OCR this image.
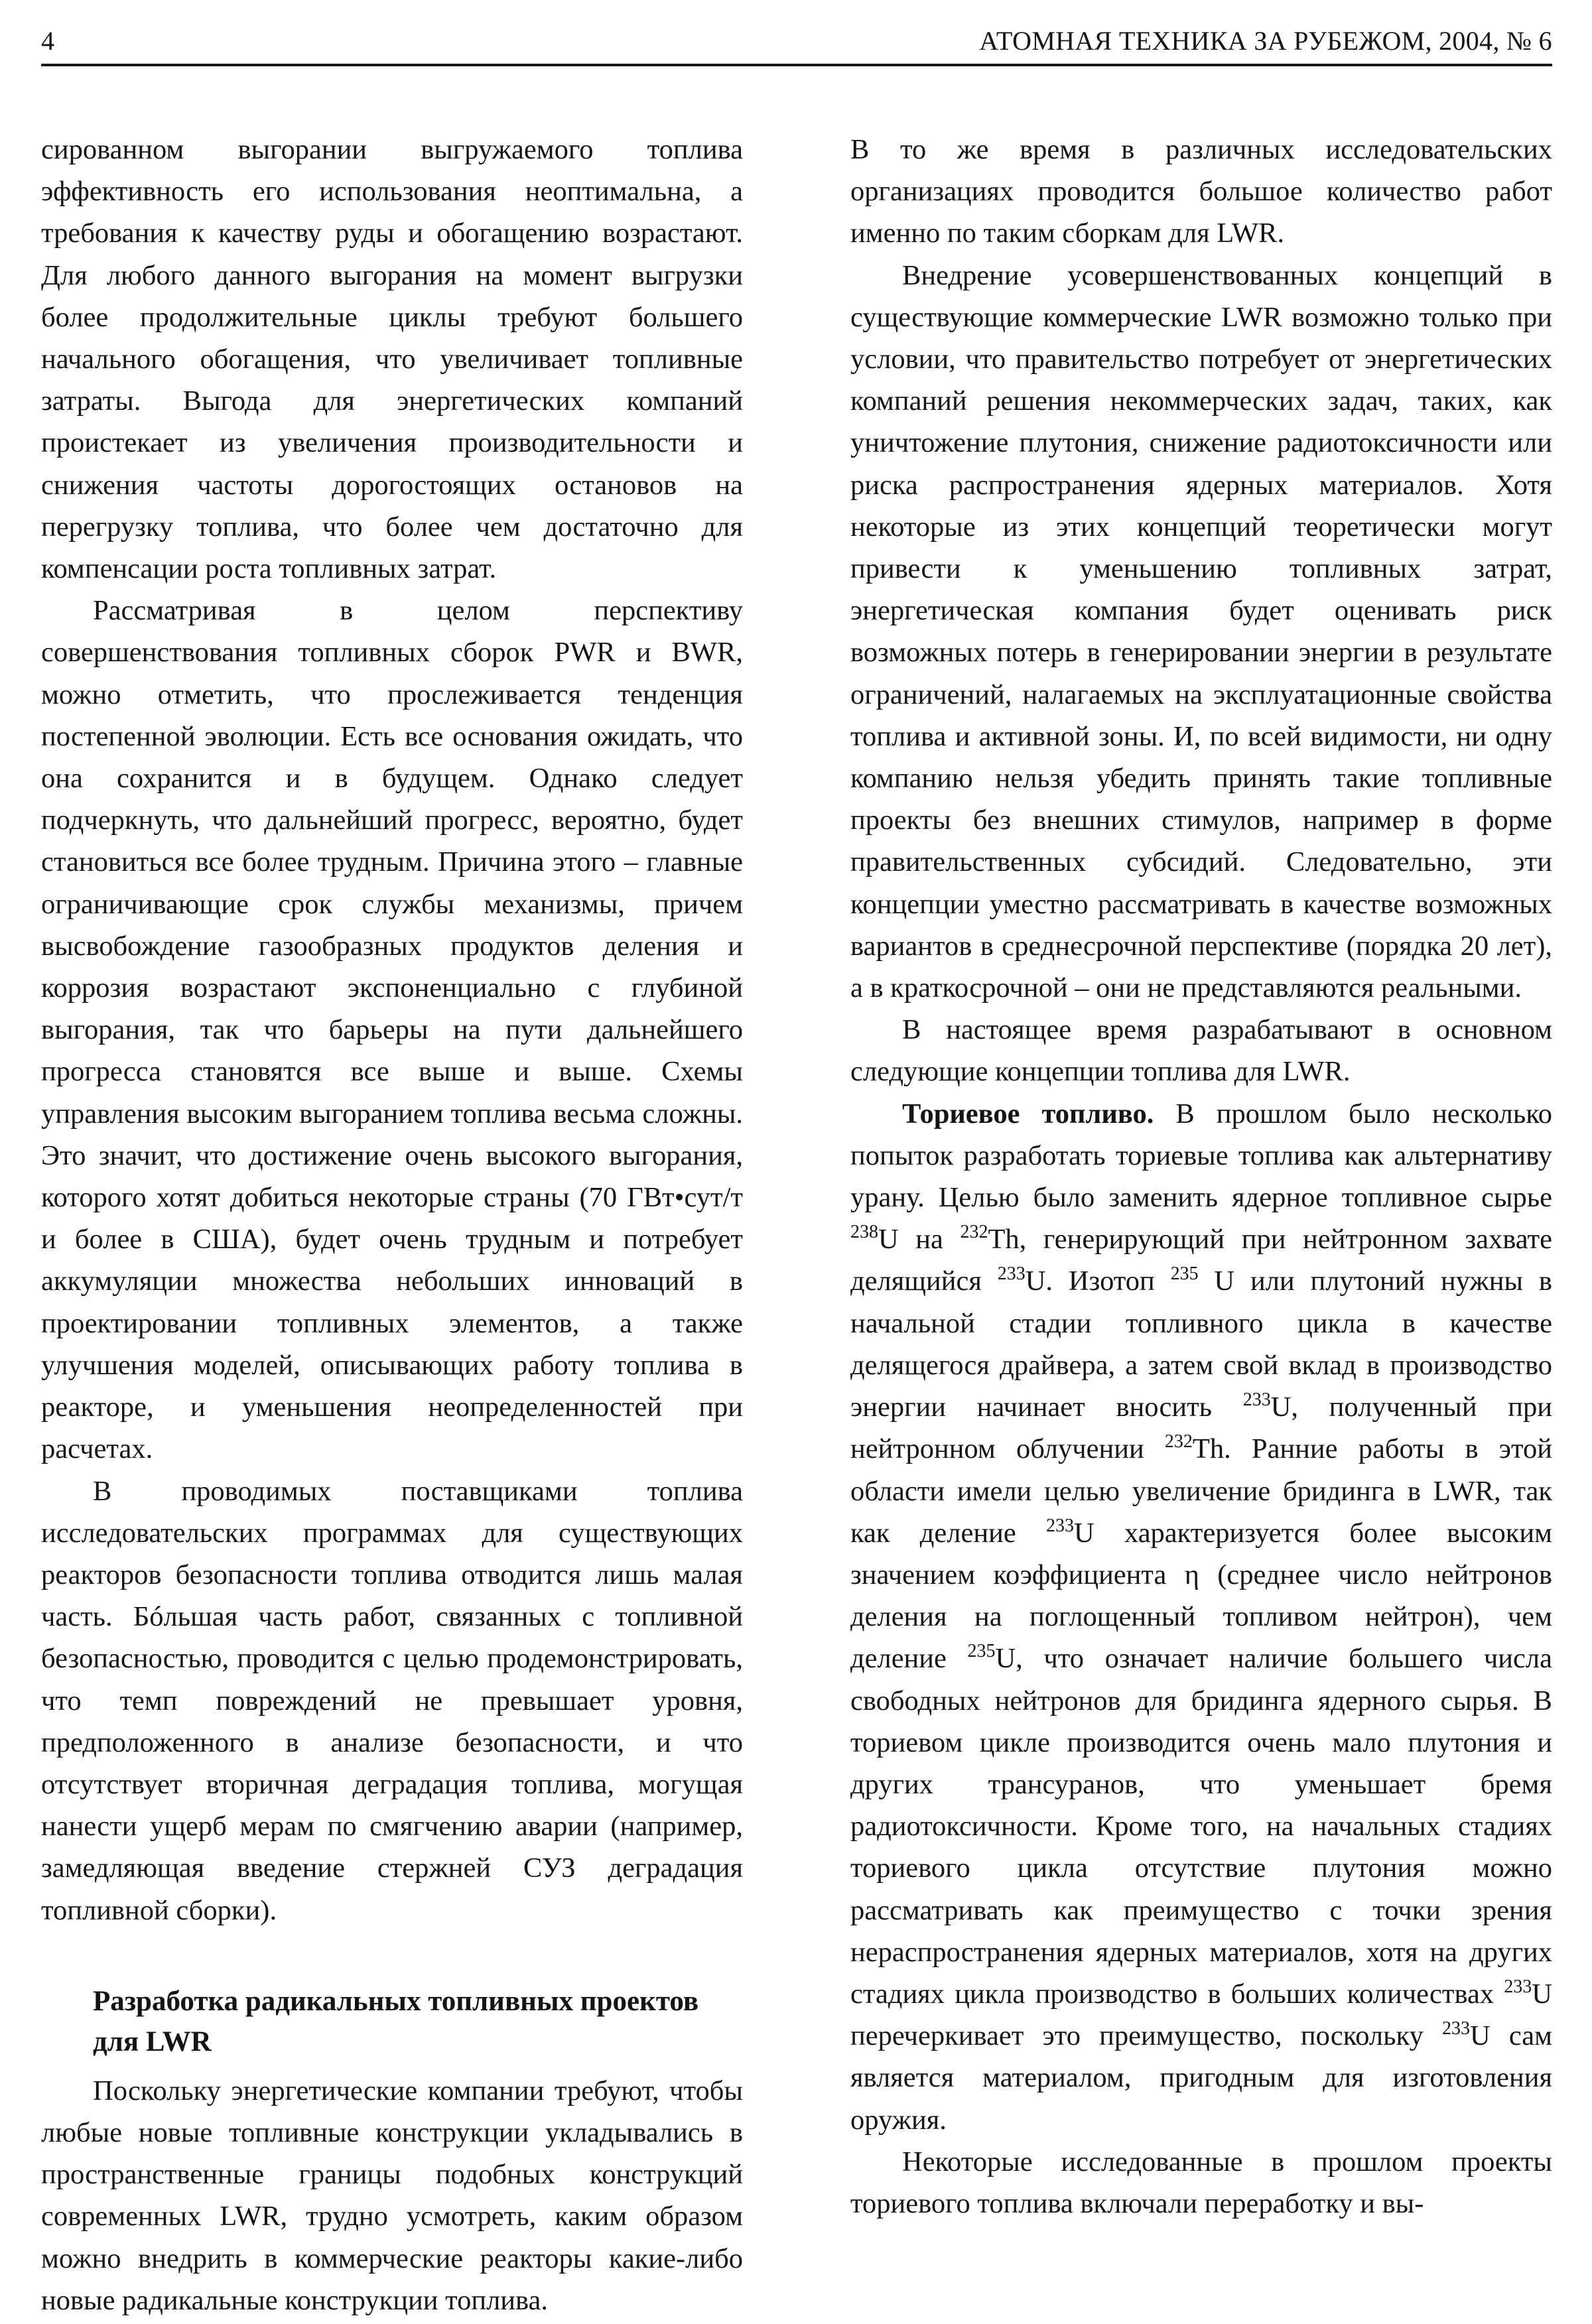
4	АТОМНАЯ ТЕХНИКА ЗА РУБЕЖОМ, 2004, № 6

сированном выгорании выгружаемого топлива эффективность его использования неоптимальна, а требования к качеству руды и обогащению возрастают. Для любого данного выгорания на момент выгрузки более продолжительные циклы требуют большего начального обогащения, что увеличивает топливные затраты. Выгода для энергетических компаний проистекает из увеличения производительности и снижения частоты дорогостоящих остановов на перегрузку топлива, что более чем достаточно для компенсации роста топливных затрат.

Рассматривая в целом перспективу совершенствования топливных сборок PWR и BWR, можно отметить, что прослеживается тенденция постепенной эволюции. Есть все основания ожидать, что она сохранится и в будущем. Однако следует подчеркнуть, что дальнейший прогресс, вероятно, будет становиться все более трудным. Причина этого – главные ограничивающие срок службы механизмы, причем высвобождение газообразных продуктов деления и коррозия возрастают экспоненциально с глубиной выгорания, так что барьеры на пути дальнейшего прогресса становятся все выше и выше. Схемы управления высоким выгоранием топлива весьма сложны. Это значит, что достижение очень высокого выгорания, которого хотят добиться некоторые страны (70 ГВт•сут/т и более в США), будет очень трудным и потребует аккумуляции множества небольших инноваций в проектировании топливных элементов, а также улучшения моделей, описывающих работу топлива в реакторе, и уменьшения неопределенностей при расчетах.

В проводимых поставщиками топлива исследовательских программах для существующих реакторов безопасности топлива отводится лишь малая часть. Бóльшая часть работ, связанных с топливной безопасностью, проводится с целью продемонстрировать, что темп повреждений не превышает уровня, предположенного в анализе безопасности, и что отсутствует вторичная деградация топлива, могущая нанести ущерб мерам по смягчению аварии (например, замедляющая введение стержней СУЗ деградация топливной сборки).

Разработка радикальных топливных проектов для LWR

Поскольку энергетические компании требуют, чтобы любые новые топливные конструкции укладывались в пространственные границы подобных конструкций современных LWR, трудно усмотреть, каким образом можно внедрить в коммерческие реакторы какие-либо новые радикальные конструкции топлива.

В то же время в различных исследовательских организациях проводится большое количество работ именно по таким сборкам для LWR.

Внедрение усовершенствованных концепций в существующие коммерческие LWR возможно только при условии, что правительство потребует от энергетических компаний решения некоммерческих задач, таких, как уничтожение плутония, снижение радиотоксичности или риска распространения ядерных материалов. Хотя некоторые из этих концепций теоретически могут привести к уменьшению топливных затрат, энергетическая компания будет оценивать риск возможных потерь в генерировании энергии в результате ограничений, налагаемых на эксплуатационные свойства топлива и активной зоны. И, по всей видимости, ни одну компанию нельзя убедить принять такие топливные проекты без внешних стимулов, например в форме правительственных субсидий. Следовательно, эти концепции уместно рассматривать в качестве возможных вариантов в среднесрочной перспективе (порядка 20 лет), а в краткосрочной – они не представляются реальными.

В настоящее время разрабатывают в основном следующие концепции топлива для LWR.

Ториевое топливо. В прошлом было несколько попыток разработать ториевые топлива как альтернативу урану. Целью было заменить ядерное топливное сырье $^{238}$U на $^{232}$Th, генерирующий при нейтронном захвате делящийся $^{233}$U. Изотоп $^{235}$ U или плутоний нужны в начальной стадии топливного цикла в качестве делящегося драйвера, а затем свой вклад в производство энергии начинает вносить $^{233}$U, полученный при нейтронном облучении $^{232}$Th. Ранние работы в этой области имели целью увеличение бридинга в LWR, так как деление $^{233}$U характеризуется более высоким значением коэффициента η (среднее число нейтронов деления на поглощенный топливом нейтрон), чем деление $^{235}$U, что означает наличие большего числа свободных нейтронов для бридинга ядерного сырья. В ториевом цикле производится очень мало плутония и других трансуранов, что уменьшает бремя радиотоксичности. Кроме того, на начальных стадиях ториевого цикла отсутствие плутония можно рассматривать как преимущество с точки зрения нераспространения ядерных материалов, хотя на других стадиях цикла производство в больших количествах $^{233}$U перечеркивает это преимущество, поскольку $^{233}$U сам является материалом, пригодным для изготовления оружия.

Некоторые исследованные в прошлом проекты ториевого топлива включали переработку и вы-
